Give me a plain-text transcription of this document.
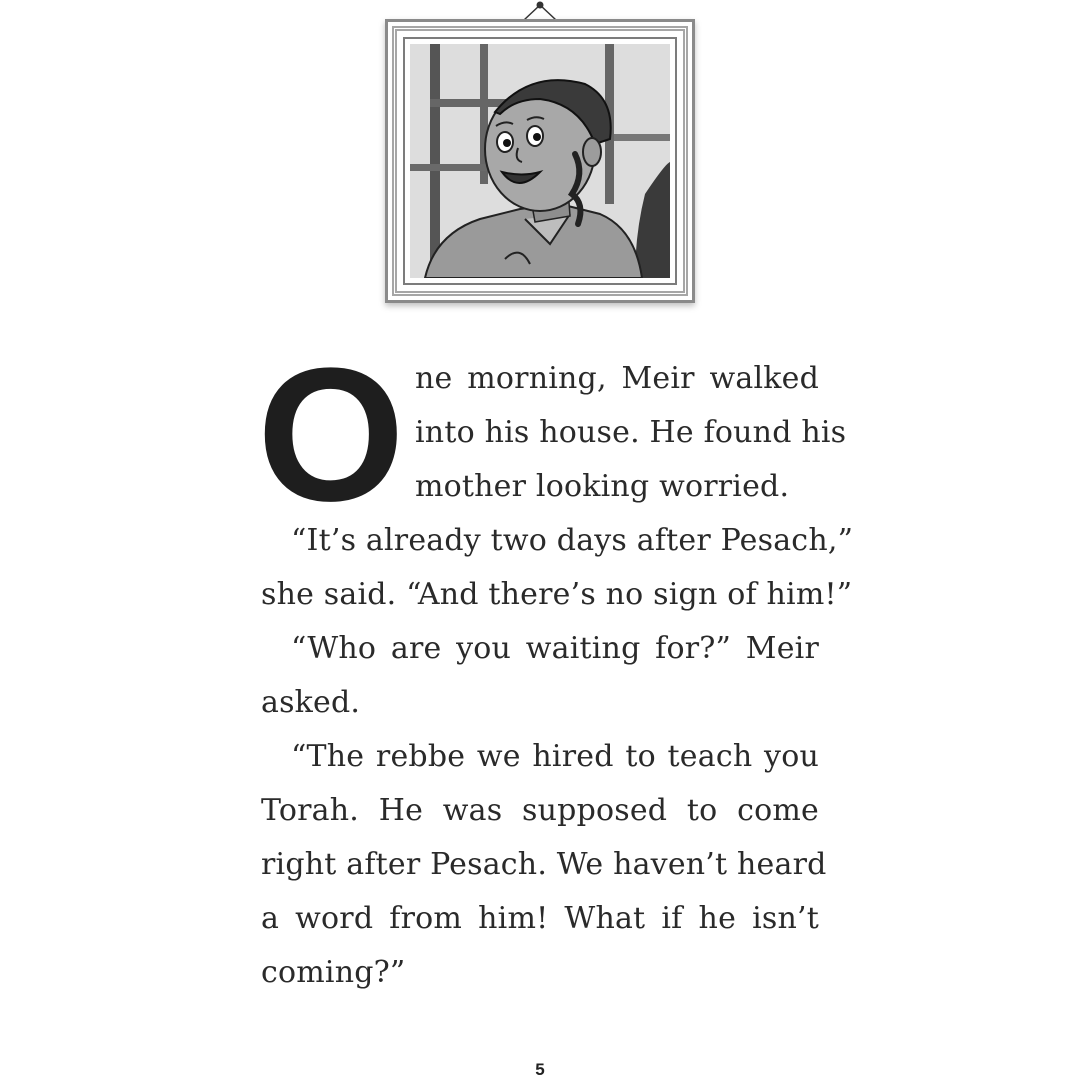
O ne morning, Meir walked
into his house. He found his
mother looking worried.
“It’s already two days after Pesach,”
she said. “And there’s no sign of him!”
“Who are you waiting for?” Meir
asked.
“The rebbe we hired to teach you
Torah. He was supposed to come
right after Pesach. We haven’t heard
a word from him! What if he isn’t
coming?”
5
